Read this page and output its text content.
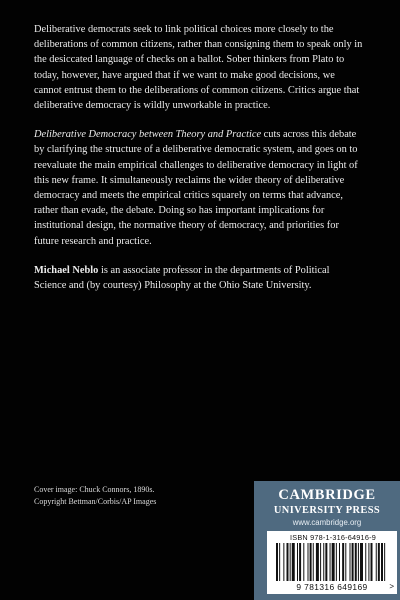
Deliberative democrats seek to link political choices more closely to the deliberations of common citizens, rather than consigning them to speak only in the desiccated language of checks on a ballot. Sober thinkers from Plato to today, however, have argued that if we want to make good decisions, we cannot entrust them to the deliberations of common citizens. Critics argue that deliberative democracy is wildly unworkable in practice.

Deliberative Democracy between Theory and Practice cuts across this debate by clarifying the structure of a deliberative democratic system, and goes on to reevaluate the main empirical challenges to deliberative democracy in light of this new frame. It simultaneously reclaims the wider theory of deliberative democracy and meets the empirical critics squarely on terms that advance, rather than evade, the debate. Doing so has important implications for institutional design, the normative theory of democracy, and priorities for future research and practice.

Michael Neblo is an associate professor in the departments of Political Science and (by courtesy) Philosophy at the Ohio State University.

Cover image: Chuck Connors, 1890s.
Copyright Bettman/Corbis/AP Images	CAMBRIDGE
UNIVERSITY PRESS
www.cambridge.org
ISBN 978-1-316-64916-9
9 781316 649169	>
